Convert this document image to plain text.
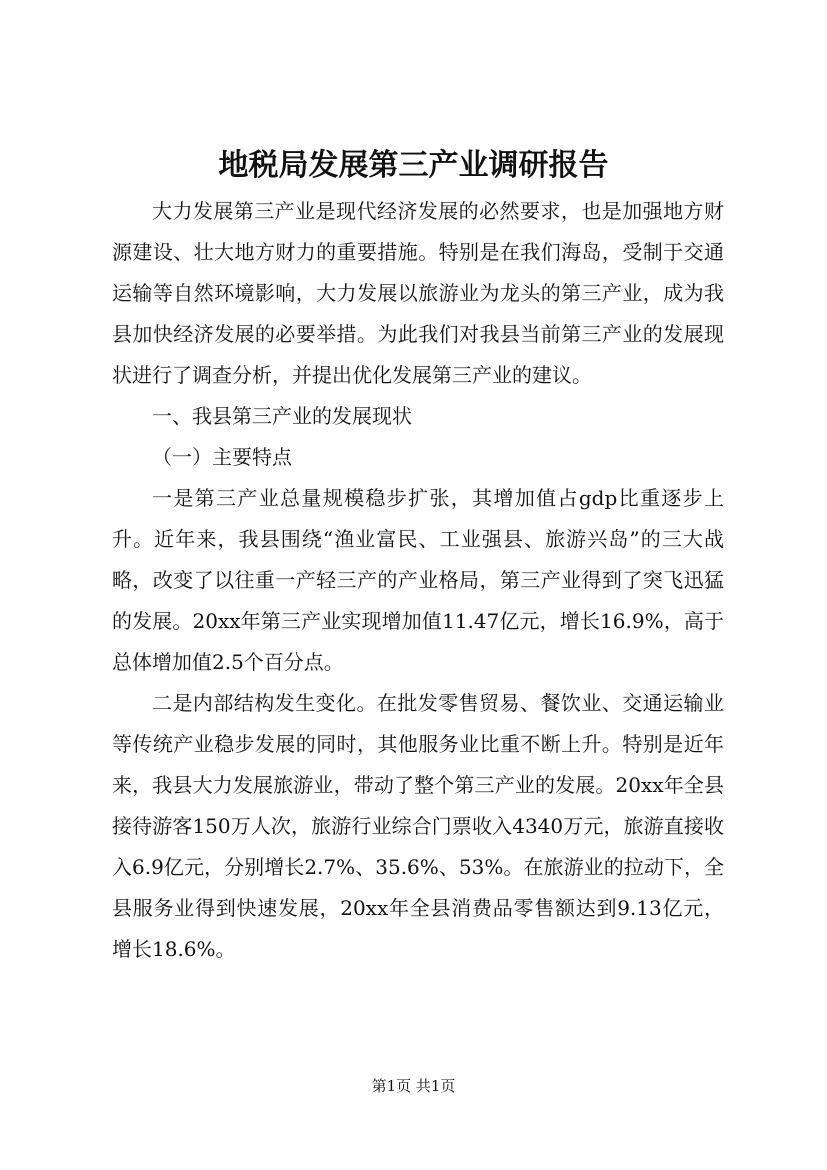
地税局发展第三产业调研报告

大力发展第三产业是现代经济发展的必然要求，也是加强地方财源建设、壮大地方财力的重要措施。特别是在我们海岛，受制于交通运输等自然环境影响，大力发展以旅游业为龙头的第三产业，成为我县加快经济发展的必要举措。为此我们对我县当前第三产业的发展现状进行了调查分析，并提出优化发展第三产业的建议。

一、我县第三产业的发展现状

（一）主要特点

一是第三产业总量规模稳步扩张，其增加值占gdp比重逐步上升。近年来，我县围绕“渔业富民、工业强县、旅游兴岛”的三大战略，改变了以往重一产轻三产的产业格局，第三产业得到了突飞迅猛的发展。20xx年第三产业实现增加值11.47亿元，增长16.9%，高于总体增加值2.5个百分点。

二是内部结构发生变化。在批发零售贸易、餐饮业、交通运输业等传统产业稳步发展的同时，其他服务业比重不断上升。特别是近年来，我县大力发展旅游业，带动了整个第三产业的发展。20xx年全县接待游客150万人次，旅游行业综合门票收入4340万元，旅游直接收入6.9亿元，分别增长2.7%、35.6%、53%。在旅游业的拉动下，全县服务业得到快速发展，20xx年全县消费品零售额达到9.13亿元，增长18.6%。

第1页 共1页
